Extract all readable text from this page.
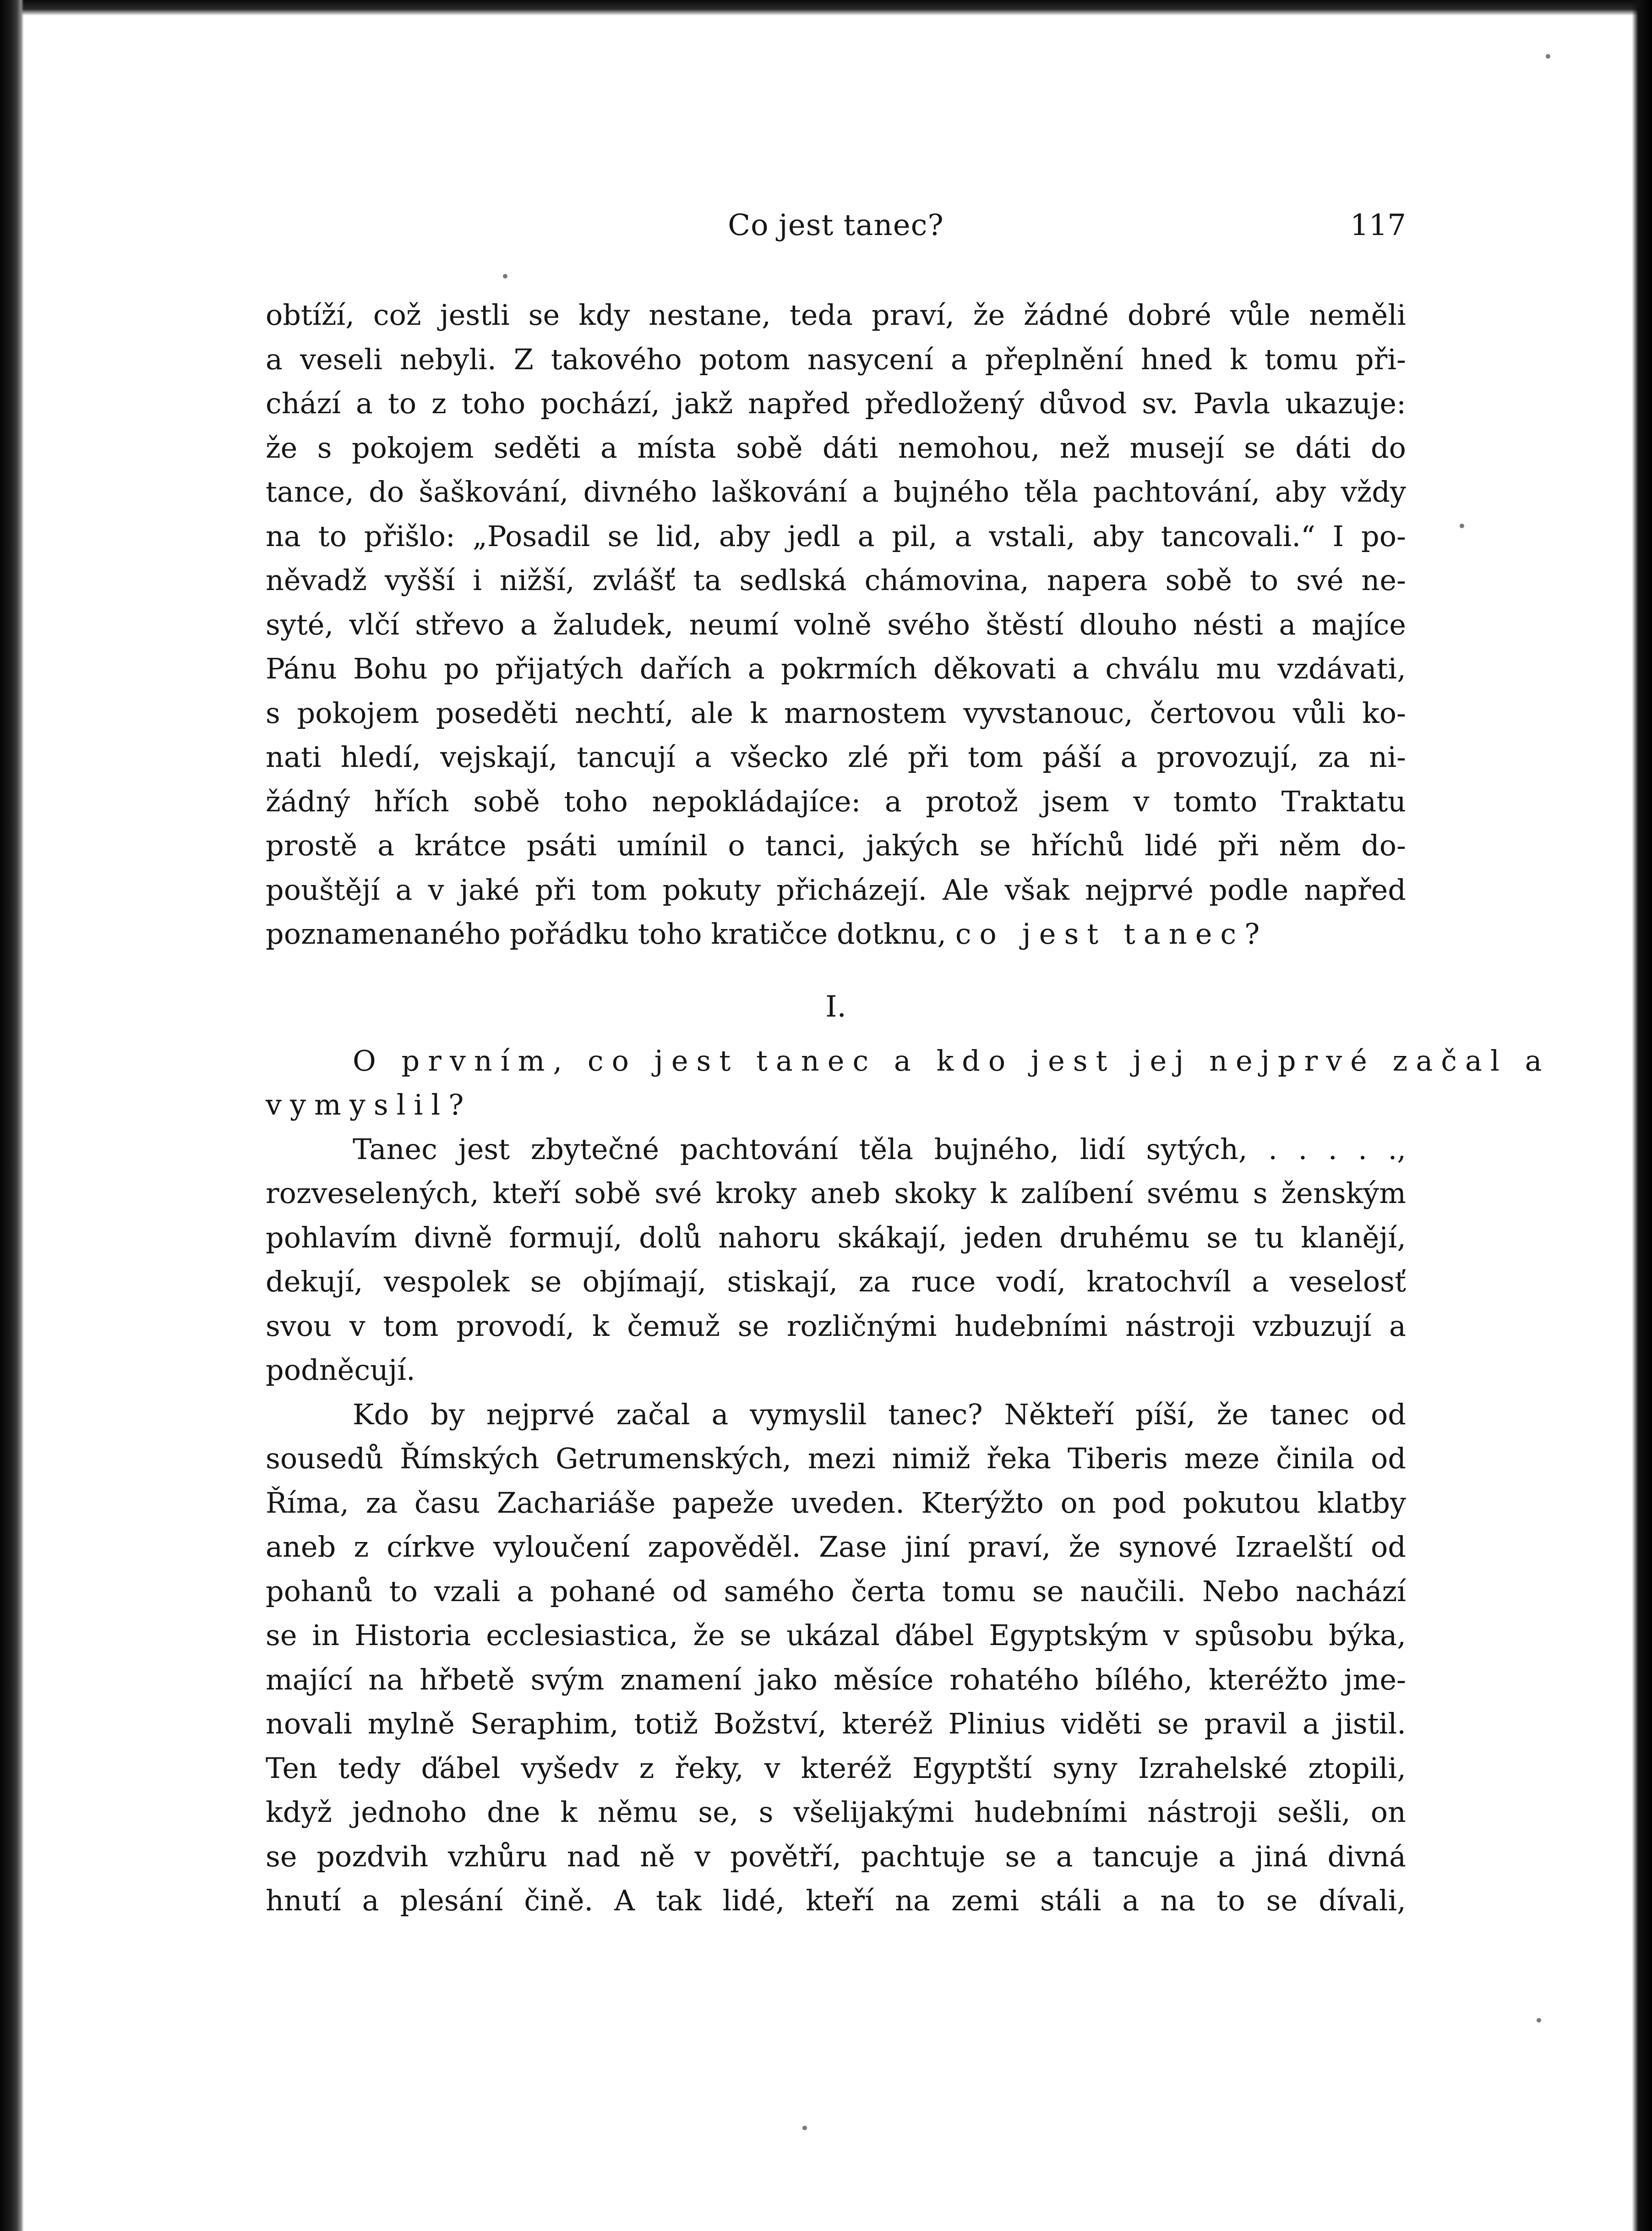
Co jest tanec?	117
obtíží, což jestli se kdy nestane, teda praví, že žádné dobré vůle neměli
a veseli nebyli. Z takového potom nasycení a přeplnění hned k tomu při-
chází a to z toho pochází, jakž napřed předložený důvod sv. Pavla ukazuje:
že s pokojem seděti a místa sobě dáti nemohou, než musejí se dáti do
tance, do šaškování, divného laškování a bujného těla pachtování, aby vždy
na to přišlo: „Posadil se lid, aby jedl a pil, a vstali, aby tancovali.“ I po-
něvadž vyšší i nižší, zvlášť ta sedlská chámovina, napera sobě to své ne-
syté, vlčí střevo a žaludek, neumí volně svého štěstí dlouho nésti a majíce
Pánu Bohu po přijatých dařích a pokrmích děkovati a chválu mu vzdávati,
s pokojem poseděti nechtí, ale k marnostem vyvstanouc, čertovou vůli ko-
nati hledí, vejskají, tancují a všecko zlé při tom páší a provozují, za ni-
žádný hřích sobě toho nepokládajíce: a protož jsem v tomto Traktatu
prostě a krátce psáti umínil o tanci, jakých se hříchů lidé při něm do-
pouštějí a v jaké při tom pokuty přicházejí. Ale však nejprvé podle napřed
poznamenaného pořádku toho kratičce dotknu, co jest tanec?
I.
O prvním, co jest tanec a kdo jest jej nejprvé začal a
vymyslil?
Tanec jest zbytečné pachtování těla bujného, lidí sytých, . . . . .,
rozveselených, kteří sobě své kroky aneb skoky k zalíbení svému s ženským
pohlavím divně formují, dolů nahoru skákají, jeden druhému se tu klanějí,
dekují, vespolek se objímají, stiskají, za ruce vodí, kratochvíl a veselosť
svou v tom provodí, k čemuž se rozličnými hudebními nástroji vzbuzují a
podněcují.
Kdo by nejprvé začal a vymyslil tanec? Někteří píší, že tanec od
sousedů Římských Getrumenských, mezi nimiž řeka Tiberis meze činila od
Říma, za času Zachariáše papeže uveden. Kterýžto on pod pokutou klatby
aneb z církve vyloučení zapověděl. Zase jiní praví, že synové Izraelští od
pohanů to vzali a pohané od samého čerta tomu se naučili. Nebo nachází
se in Historia ecclesiastica, že se ukázal ďábel Egyptským v spůsobu býka,
mající na hřbetě svým znamení jako měsíce rohatého bílého, kteréžto jme-
novali mylně Seraphim, totiž Božství, kteréž Plinius viděti se pravil a jistil.
Ten tedy ďábel vyšedv z řeky, v kteréž Egyptští syny Izrahelské ztopili,
když jednoho dne k němu se, s všelijakými hudebními nástroji sešli, on
se pozdvih vzhůru nad ně v povětří, pachtuje se a tancuje a jiná divná
hnutí a plesání čině. A tak lidé, kteří na zemi stáli a na to se dívali,
